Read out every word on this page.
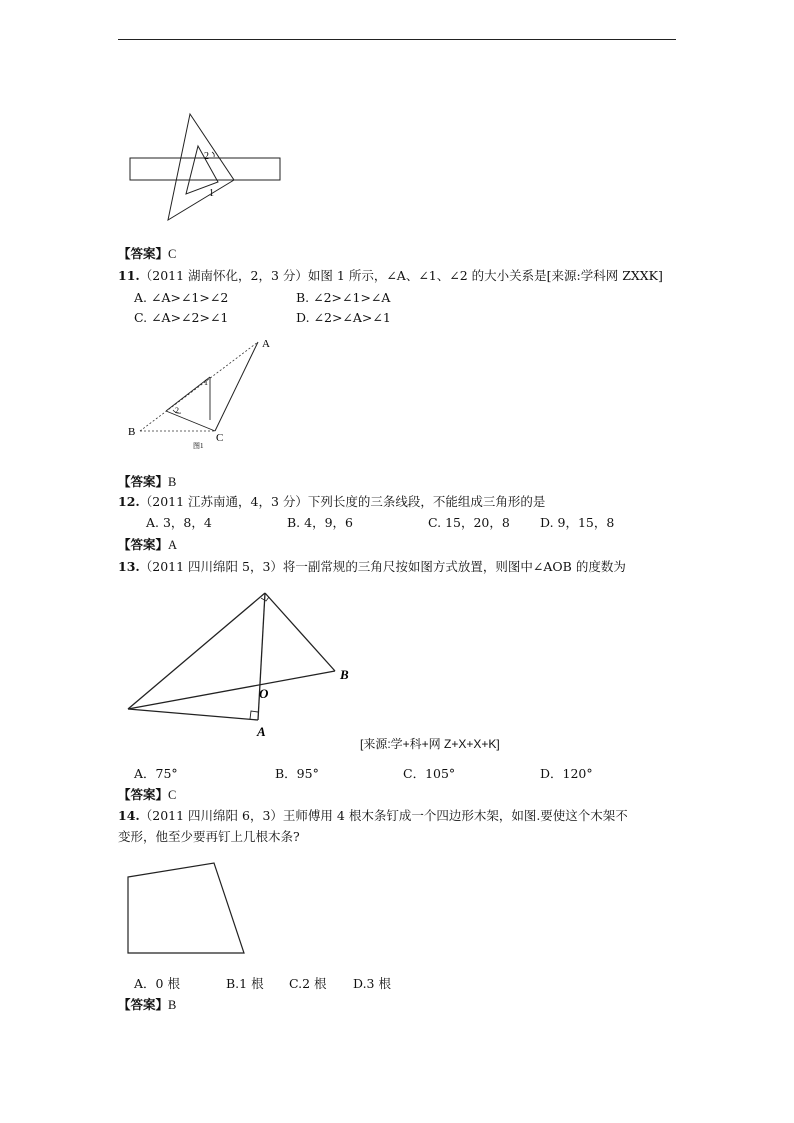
2
1
【答案】C
11.（2011 湖南怀化，2，3 分）如图 1 所示，∠A、∠1、∠2 的大小关系是[来源:学科网 ZXXK]
A. ∠A>∠1>∠2	B. ∠2>∠1>∠A
C. ∠A>∠2>∠1	D. ∠2>∠A>∠1
A
B	C
1
2
图1
【答案】B
12.（2011 江苏南通，4，3 分）下列长度的三条线段，不能组成三角形的是
A. 3，8，4	B. 4，9，6	C. 15，20，8 D. 9，15，8
【答案】A
13.（2011 四川绵阳 5，3）将一副常规的三角尺按如图方式放置，则图中∠AOB 的度数为
B
O
A
[来源:学+科+网 Z+X+X+K]
A．75°	B．95°	C．105°	D．120°
【答案】C
14.（2011 四川绵阳 6，3）王师傅用 4 根木条钉成一个四边形木架，如图.要使这个木架不
变形，他至少要再钉上几根木条?
A．0 根	B.1 根 C.2 根 D.3 根
【答案】B
